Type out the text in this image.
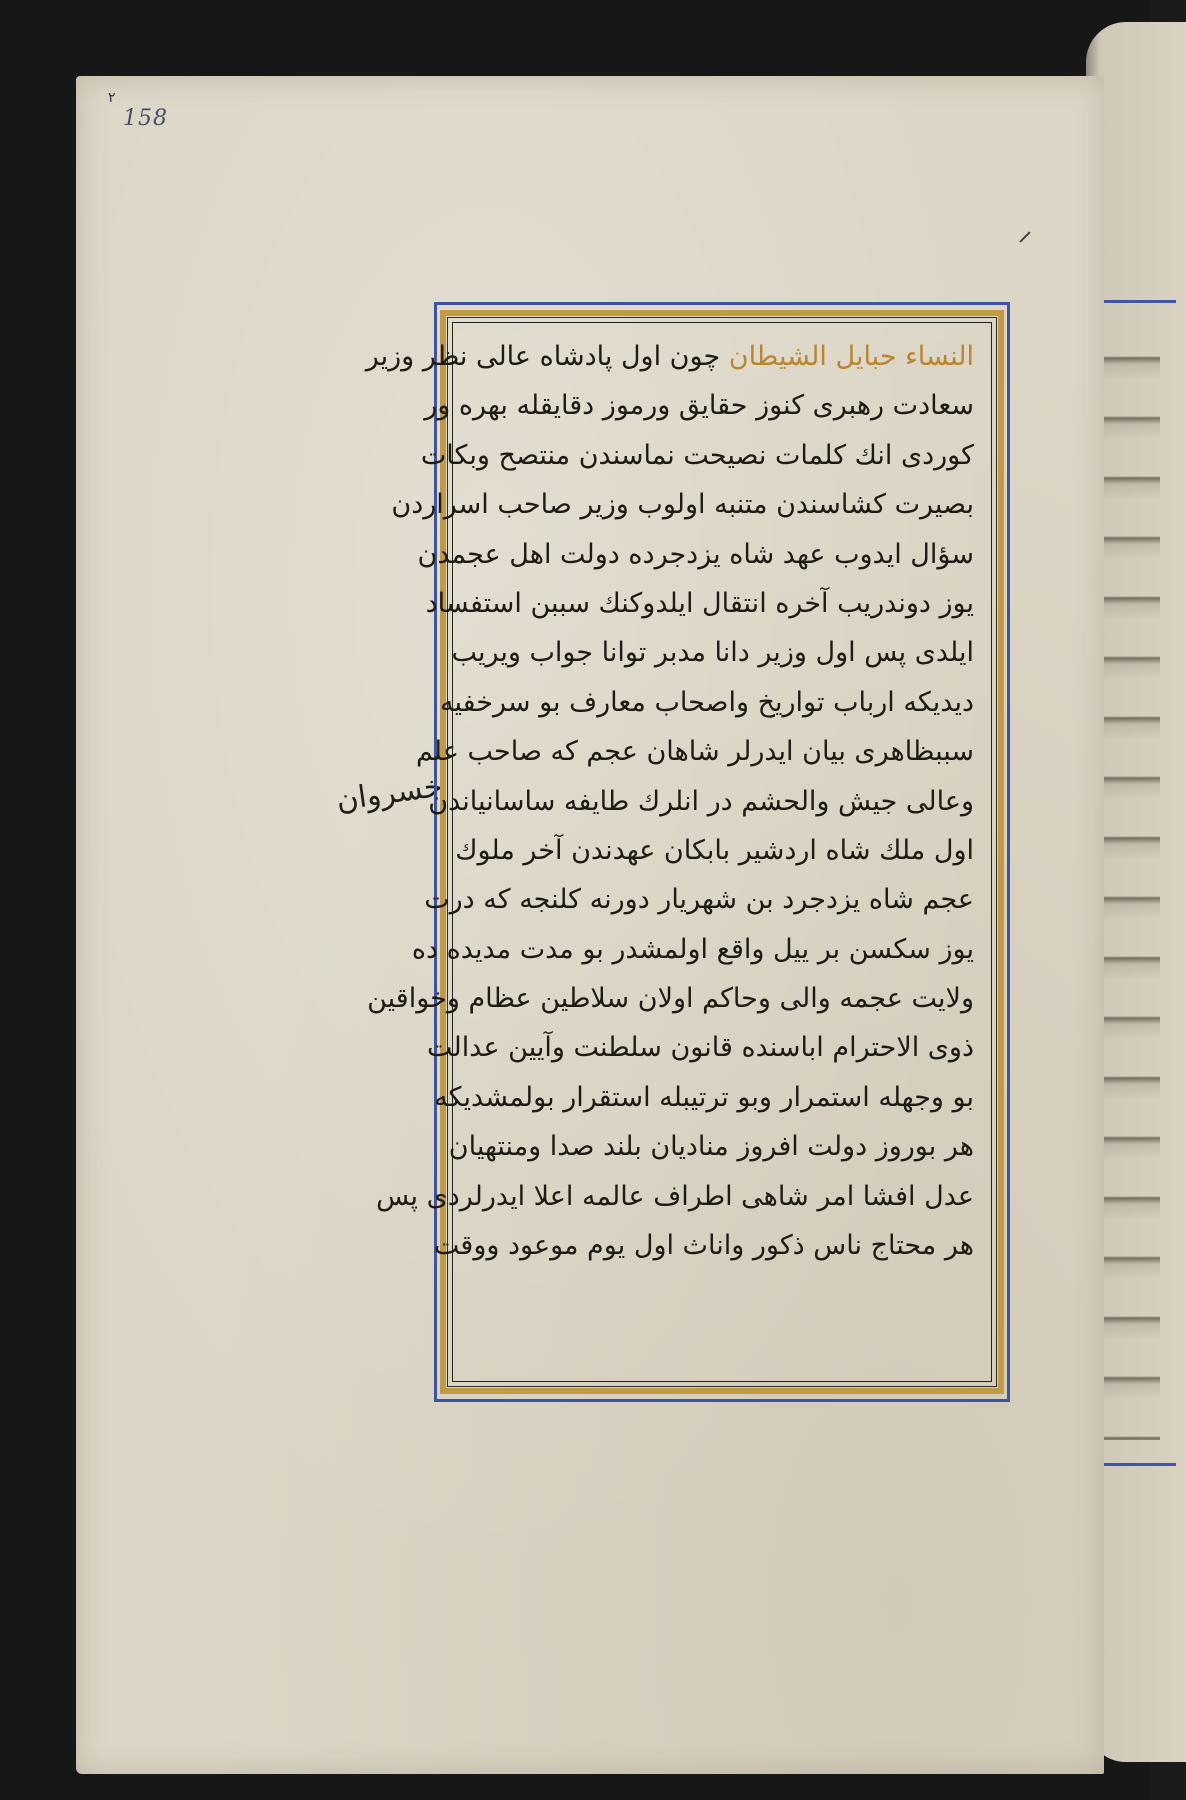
۲
158
خسروان
النساء حبايل الشيطان چون اول پادشاه عالی نظر وزیر
سعادت رهبری کنوز حقایق ورموز دقایقله بهره ور
کوردی انك کلمات نصیحت نماسندن منتصح وبکات
بصیرت کشاسندن متنبه اولوب وزیر صاحب اسراردن
سؤال ایدوب عهد شاه یزدجرده دولت اهل عجمدن
یوز دوندریب آخره انتقال ایلدوکنك سببن استفساد
ایلدی پس اول وزیر دانا مدبر توانا جواب ویریب
دیدیکه ارباب تواریخ واصحاب معارف بو سرخفیه
سببظاهری بیان ایدرلر شاهان عجم که صاحب علم
وعالی جیش والحشم در انلرك طایفه ساسانیاندن
اول ملك شاه اردشیر بابکان عهدندن آخر ملوك
عجم شاه یزدجرد بن شهریار دورنه کلنجه که درت
یوز سکسن بر ییل واقع اولمشدر بو مدت مدیده ده
ولایت عجمه والی وحاکم اولان سلاطین عظام وخواقین
ذوی الاحترام اباسنده قانون سلطنت وآیین عدالت
بو وجهله استمرار وبو ترتیبله استقرار بولمشدیکه
هر بوروز دولت افروز منادیان بلند صدا ومنتهیان
عدل افشا امر شاهی اطراف عالمه اعلا ایدرلردی پس
هر محتاج ناس ذکور واناث اول یوم موعود ووقت
